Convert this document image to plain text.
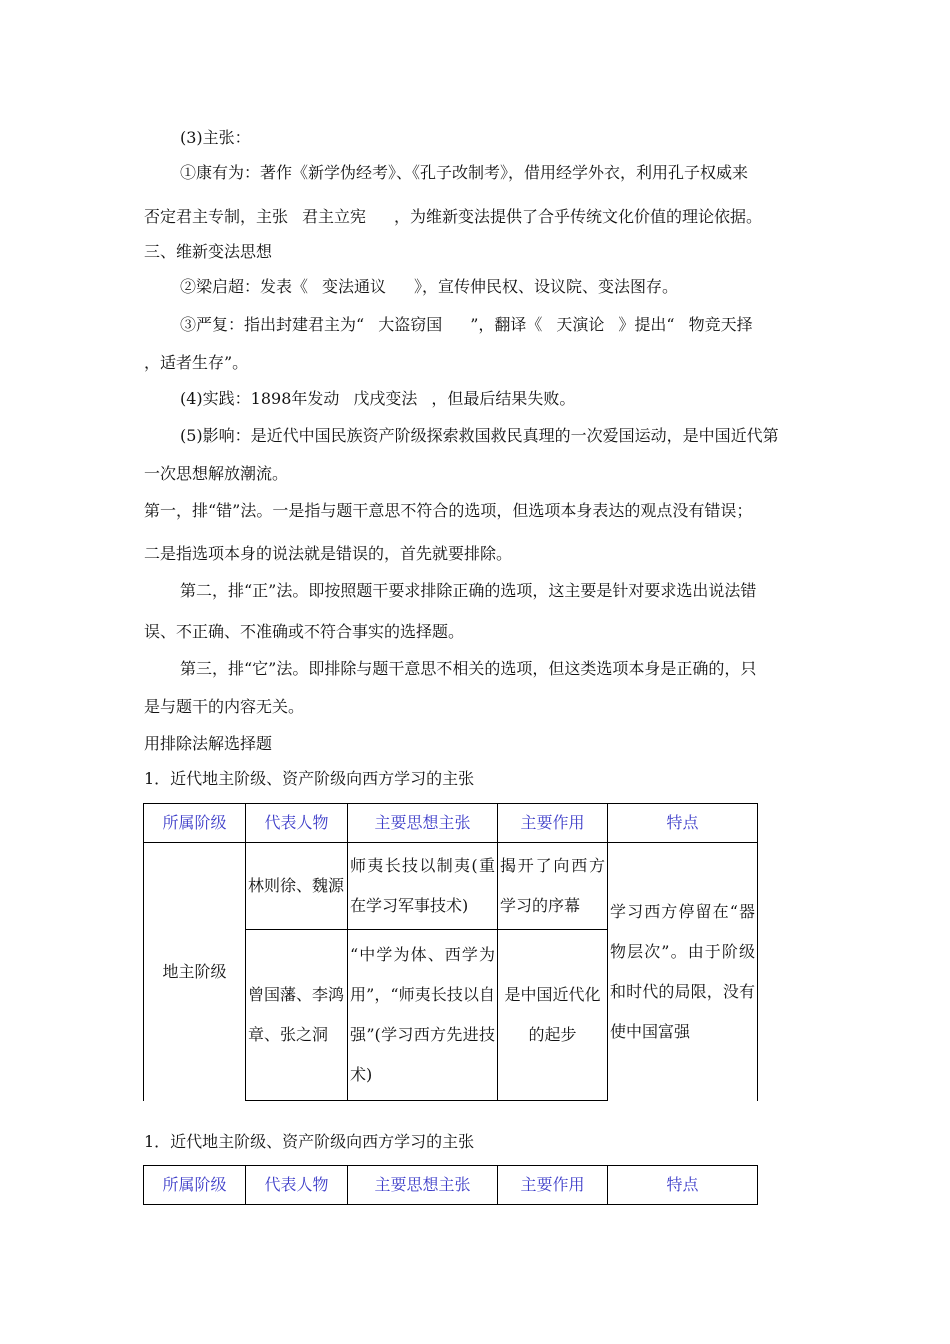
(3)主张：
①康有为：著作《新学伪经考》、《孔子改制考》，借用经学外衣，利用孔子权威来
否定君主专制，主张 君主立宪 ，为维新变法提供了合乎传统文化价值的理论依据。
三、维新变法思想
②梁启超：发表《 变法通议 》，宣传伸民权、设议院、变法图存。
③严复：指出封建君主为“ 大盗窃国 ”，翻译《 天演论 》提出“ 物竞天择
，适者生存”。
(4)实践：1898年发动 戊戌变法 ，但最后结果失败。
(5)影响：是近代中国民族资产阶级探索救国救民真理的一次爱国运动，是中国近代第
一次思想解放潮流。
第一，排“错”法。一是指与题干意思不符合的选项，但选项本身表达的观点没有错误；
二是指选项本身的说法就是错误的，首先就要排除。
第二，排“正”法。即按照题干要求排除正确的选项，这主要是针对要求选出说法错
误、不正确、不准确或不符合事实的选择题。
第三，排“它”法。即排除与题干意思不相关的选项，但这类选项本身是正确的，只
是与题干的内容无关。
用排除法解选择题
1．近代地主阶级、资产阶级向西方学习的主张
所属阶级	代表人物	主要思想主张	主要作用	特点
地主阶级	林则徐、魏源	师夷长技以制夷(重在学习军事技术)	揭开了向西方学习的序幕	学习西方停留在“器物层次”。由于阶级和时代的局限，没有使中国富强
	曾国藩、李鸿章、张之洞	“中学为体、西学为用”，“师夷长技以自强”(学习西方先进技术)	是中国近代化的起步	
1．近代地主阶级、资产阶级向西方学习的主张
所属阶级	代表人物	主要思想主张	主要作用	特点
